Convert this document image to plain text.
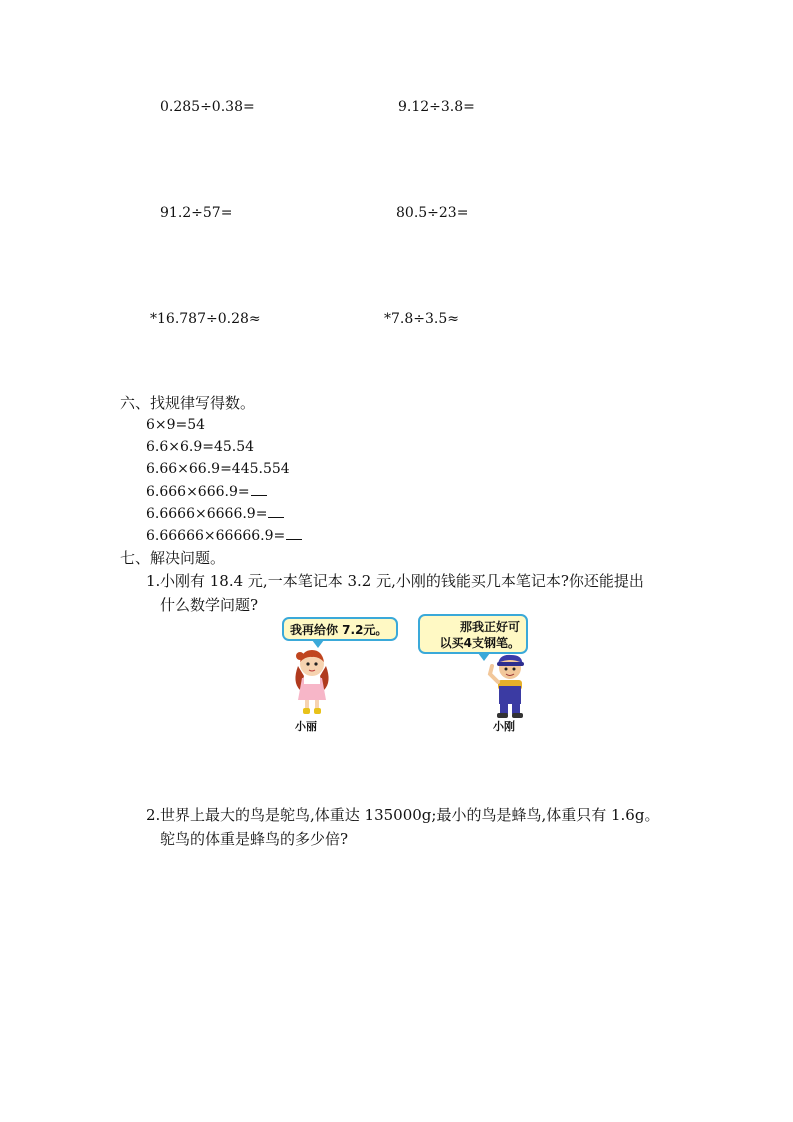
0.285÷0.38=	9.12÷3.8=
91.2÷57=	80.5÷23=
*16.787÷0.28≈	*7.8÷3.5≈
六、找规律写得数。
6×9=54
6.6×6.9=45.54
6.66×66.9=445.554
6.666×666.9=
6.6666×6666.9=
6.66666×66666.9=
七、解决问题。
1. 小刚有 18.4 元,一本笔记本 3.2 元,小刚的钱能买几本笔记本?你还能提出
什么数学问题?
我再给你 7.2元。	那我正好可
以买4支钢笔。
小丽	小刚
2. 世界上最大的鸟是鸵鸟,体重达 135000g;最小的鸟是蜂鸟,体重只有 1.6g。
鸵鸟的体重是蜂鸟的多少倍?
